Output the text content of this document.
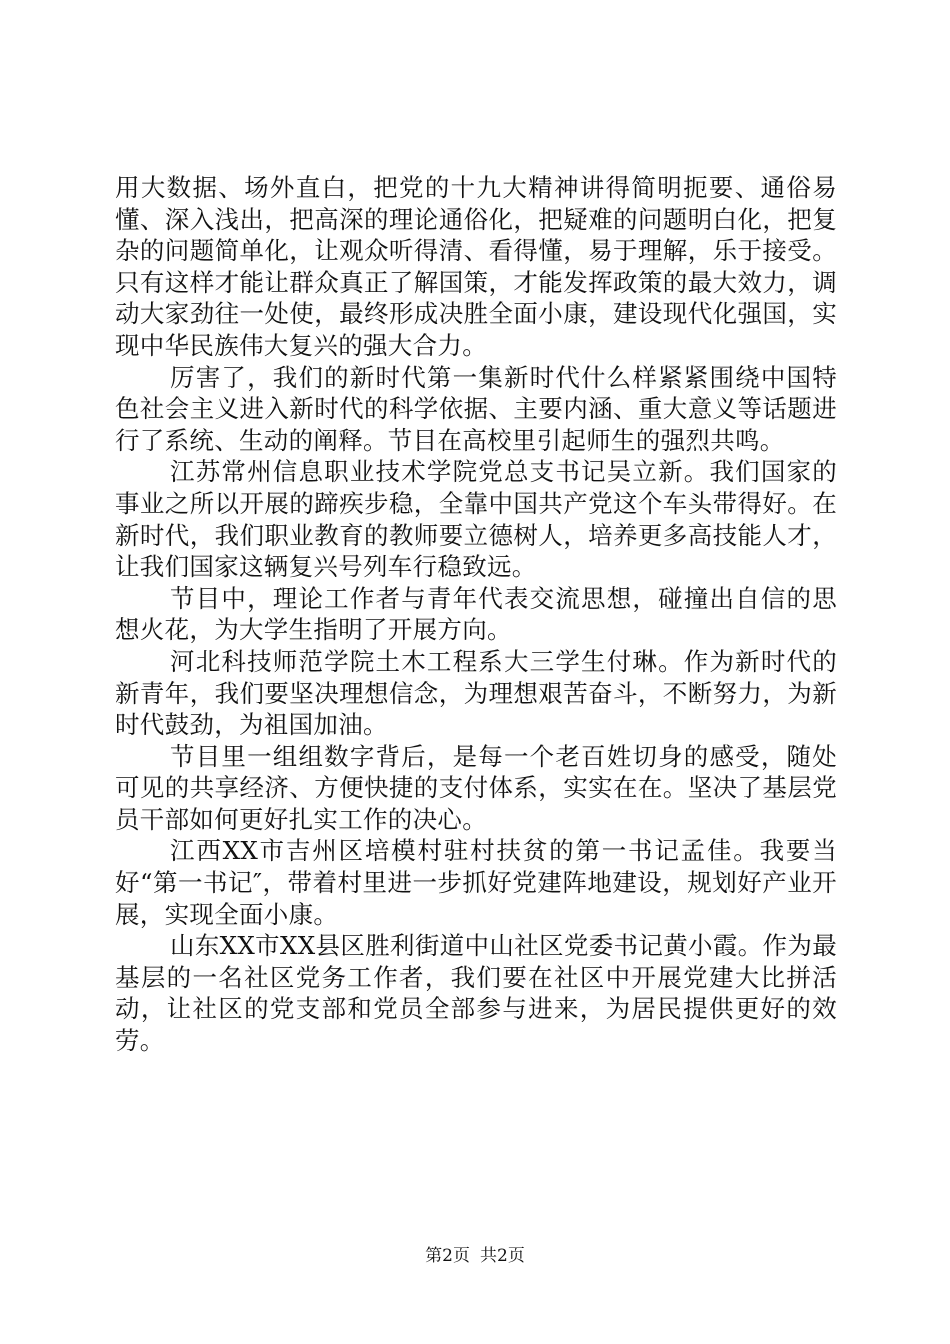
用大数据、场外直白，把党的十九大精神讲得简明扼要、通俗易懂、深入浅出，把高深的理论通俗化，把疑难的问题明白化，把复杂的问题简单化，让观众听得清、看得懂，易于理解，乐于接受。只有这样才能让群众真正了解国策，才能发挥政策的最大效力，调动大家劲往一处使，最终形成决胜全面小康，建设现代化强国，实现中华民族伟大复兴的强大合力。

厉害了，我们的新时代第一集新时代什么样紧紧围绕中国特色社会主义进入新时代的科学依据、主要内涵、重大意义等话题进行了系统、生动的阐释。节目在高校里引起师生的强烈共鸣。

江苏常州信息职业技术学院党总支书记吴立新。我们国家的事业之所以开展的蹄疾步稳，全靠中国共产党这个车头带得好。在新时代，我们职业教育的教师要立德树人，培养更多高技能人才，让我们国家这辆复兴号列车行稳致远。

节目中，理论工作者与青年代表交流思想，碰撞出自信的思想火花，为大学生指明了开展方向。

河北科技师范学院土木工程系大三学生付琳。作为新时代的新青年，我们要坚决理想信念，为理想艰苦奋斗，不断努力，为新时代鼓劲，为祖国加油。

节目里一组组数字背后，是每一个老百姓切身的感受，随处可见的共享经济、方便快捷的支付体系，实实在在。坚决了基层党员干部如何更好扎实工作的决心。

江西XX市吉州区培模村驻村扶贫的第一书记孟佳。我要当好“第一书记″，带着村里进一步抓好党建阵地建设，规划好产业开展，实现全面小康。

山东XX市XX县区胜利街道中山社区党委书记黄小霞。作为最基层的一名社区党务工作者，我们要在社区中开展党建大比拼活动，让社区的党支部和党员全部参与进来，为居民提供更好的效劳。

第2页 共2页
